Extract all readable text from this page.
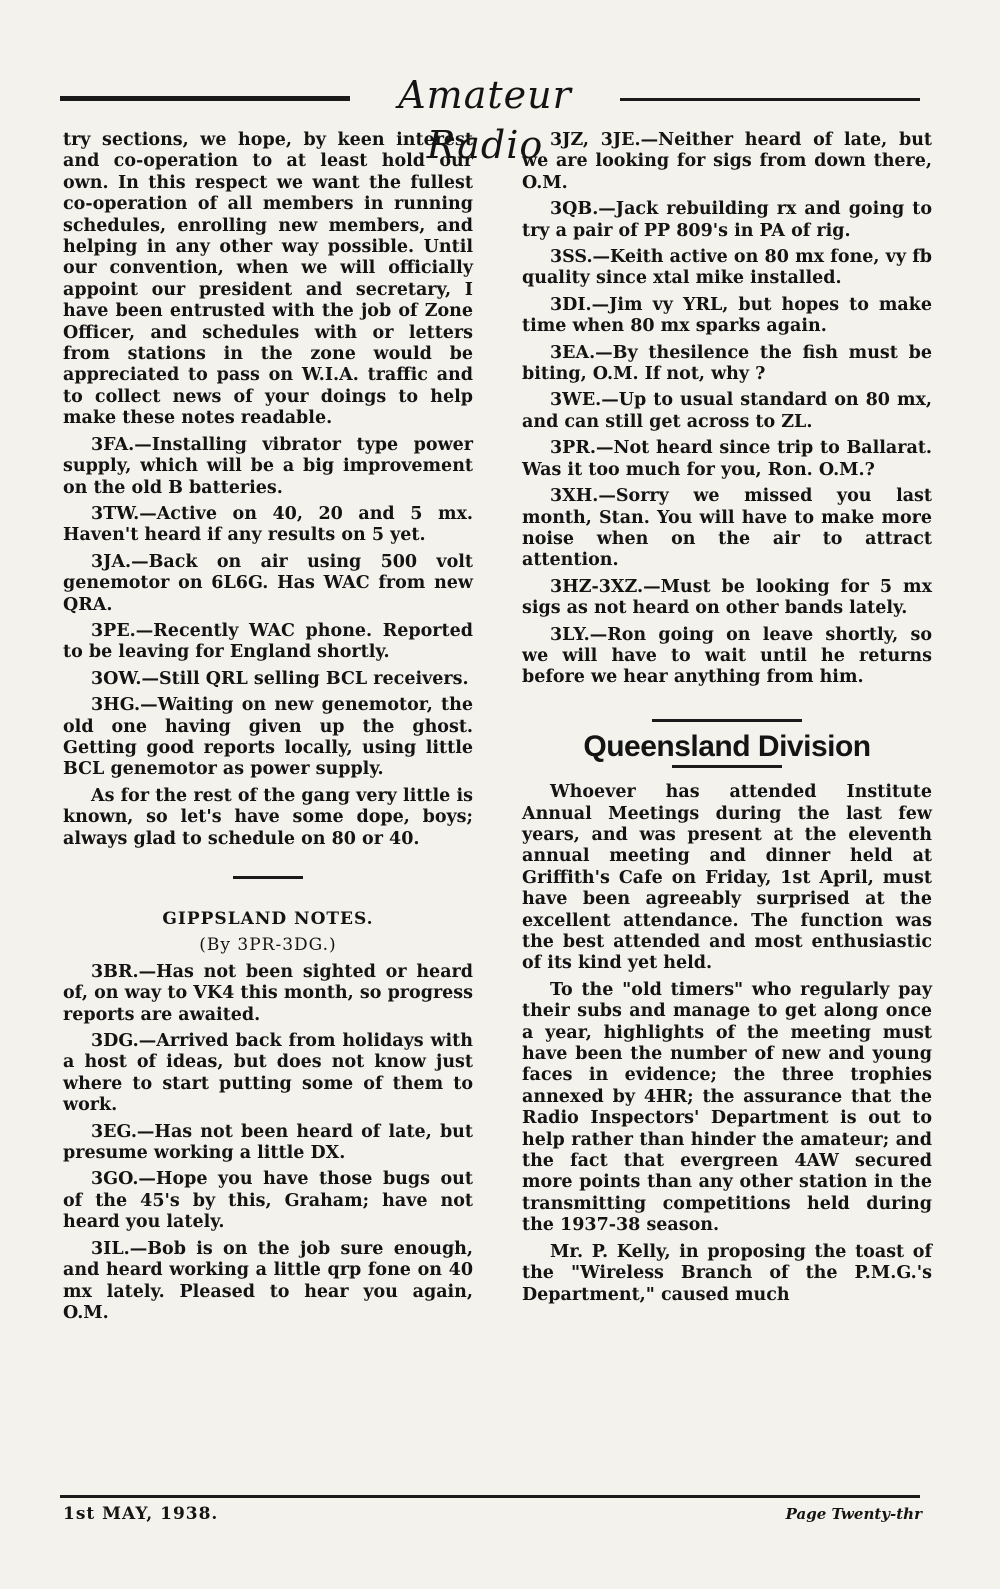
Amateur Radio

try sections, we hope, by keen interest and co-operation to at least hold our own. In this respect we want the fullest co-operation of all members in running schedules, enrolling new members, and helping in any other way possible. Until our convention, when we will officially appoint our president and secretary, I have been entrusted with the job of Zone Officer, and schedules with or letters from stations in the zone would be appreciated to pass on W.I.A. traffic and to collect news of your doings to help make these notes readable.

3FA.—Installing vibrator type power supply, which will be a big improvement on the old B batteries.

3TW.—Active on 40, 20 and 5 mx. Haven't heard if any results on 5 yet.

3JA.—Back on air using 500 volt genemotor on 6L6G. Has WAC from new QRA.

3PE.—Recently WAC phone. Reported to be leaving for England shortly.

3OW.—Still QRL selling BCL receivers.

3HG.—Waiting on new genemotor, the old one having given up the ghost. Getting good reports locally, using little BCL genemotor as power supply.

As for the rest of the gang very little is known, so let's have some dope, boys; always glad to schedule on 80 or 40.

GIPPSLAND NOTES.

(By 3PR-3DG.)

3BR.—Has not been sighted or heard of, on way to VK4 this month, so progress reports are awaited.

3DG.—Arrived back from holidays with a host of ideas, but does not know just where to start putting some of them to work.

3EG.—Has not been heard of late, but presume working a little DX.

3GO.—Hope you have those bugs out of the 45's by this, Graham; have not heard you lately.

3IL.—Bob is on the job sure enough, and heard working a little qrp fone on 40 mx lately. Pleased to hear you again, O.M.

3JZ, 3JE.—Neither heard of late, but we are looking for sigs from down there, O.M.

3QB.—Jack rebuilding rx and going to try a pair of PP 809's in PA of rig.

3SS.—Keith active on 80 mx fone, vy fb quality since xtal mike installed.

3DI.—Jim vy YRL, but hopes to make time when 80 mx sparks again.

3EA.—By thesilence the fish must be biting, O.M. If not, why ?

3WE.—Up to usual standard on 80 mx, and can still get across to ZL.

3PR.—Not heard since trip to Ballarat. Was it too much for you, Ron. O.M.?

3XH.—Sorry we missed you last month, Stan. You will have to make more noise when on the air to attract attention.

3HZ-3XZ.—Must be looking for 5 mx sigs as not heard on other bands lately.

3LY.—Ron going on leave shortly, so we will have to wait until he returns before we hear anything from him.

Queensland Division

Whoever has attended Institute Annual Meetings during the last few years, and was present at the eleventh annual meeting and dinner held at Griffith's Cafe on Friday, 1st April, must have been agreeably surprised at the excellent attendance. The function was the best attended and most enthusiastic of its kind yet held.

To the "old timers" who regularly pay their subs and manage to get along once a year, highlights of the meeting must have been the number of new and young faces in evidence; the three trophies annexed by 4HR; the assurance that the Radio Inspectors' Department is out to help rather than hinder the amateur; and the fact that evergreen 4AW secured more points than any other station in the transmitting competitions held during the 1937-38 season.

Mr. P. Kelly, in proposing the toast of the "Wireless Branch of the P.M.G.'s Department," caused much

1st MAY, 1938.	Page Twenty-thr
